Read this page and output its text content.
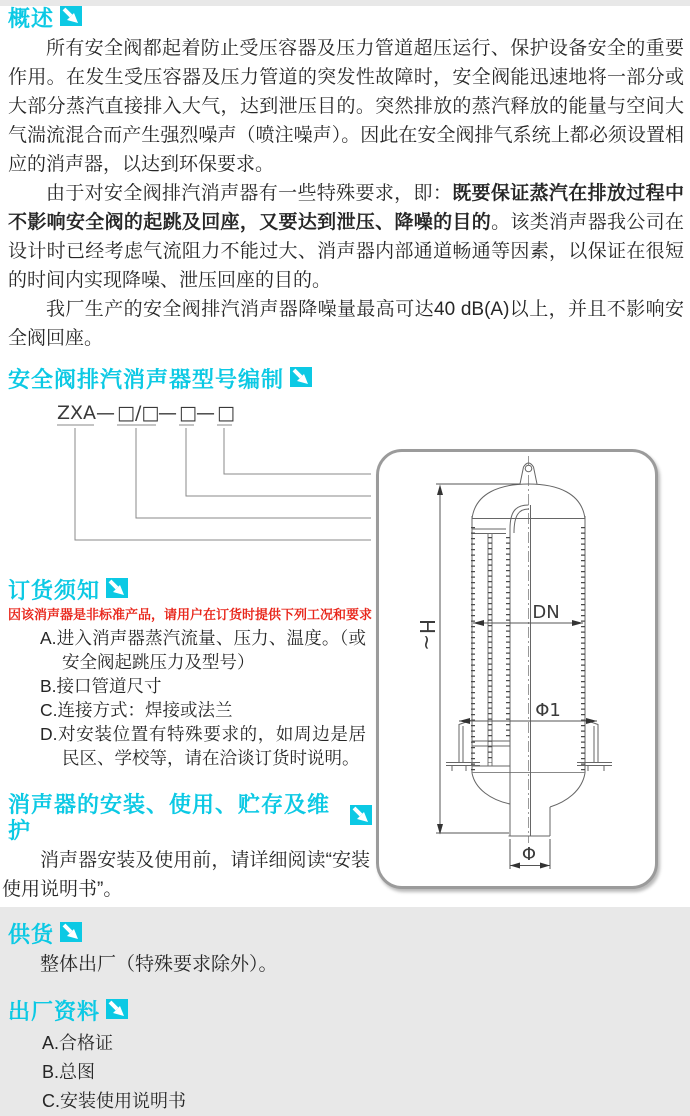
概述

所有安全阀都起着防止受压容器及压力管道超压运行、保护设备安全的重要作用。在发生受压容器及压力管道的突发性故障时，安全阀能迅速地将一部分或大部分蒸汽直接排入大气，达到泄压目的。突然排放的蒸汽释放的能量与空间大气湍流混合而产生强烈噪声（喷注噪声）。因此在安全阀排气系统上都必须设置相应的消声器，以达到环保要求。

由于对安全阀排汽消声器有一些特殊要求，即：既要保证蒸汽在排放过程中不影响安全阀的起跳及回座，又要达到泄压、降噪的目的。该类消声器我公司在设计时已经考虑气流阻力不能过大、消声器内部通道畅通等因素，以保证在很短的时间内实现降噪、泄压回座的目的。

我厂生产的安全阀排汽消声器降噪量最高可达40 dB(A)以上，并且不影响安全阀回座。

安全阀排汽消声器型号编制
ZXA — □/□
— □ — □
订货须知
因该消声器是非标准产品，请用户在订货时提供下列工况和要求
A.进入消声器蒸汽流量、压力、温度。（或安全阀起跳压力及型号）
B.接口管道尺寸
C.连接方式：焊接或法兰
D.对安装位置有特殊要求的，如周边是居民区、学校等，请在洽谈订货时说明。
消声器的安装、使用、贮存及维护

消声器安装及使用前，请详细阅读“安装使用说明书”。

供货

整体出厂（特殊要求除外）。

出厂资料
A.合格证
B.总图
C.安装使用说明书
H~
DN
Φ1
Φ
